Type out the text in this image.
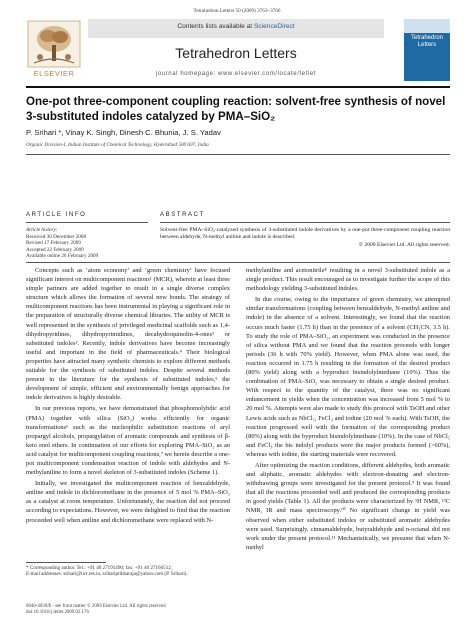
Tetrahedron Letters 50 (2009) 3763–3766
ELSEVIER
Contents lists available at ScienceDirect
Tetrahedron Letters
journal homepage: www.elsevier.com/locate/tetlet
Tetrahedron Letters
One-pot three-component coupling reaction: solvent-free synthesis of novel 3-substituted indoles catalyzed by PMA–SiO₂
P. Srihari *, Vinay K. Singh, Dinesh C. Bhunia, J. S. Yadav
Organic Division-I, Indian Institute of Chemical Technology, Hyderabad 500 607, India
ARTICLE INFO	ABSTRACT
Article history:
Received 30 December 2008
Revised 17 February 2009
Accepted 22 February 2009
Available online 26 February 2009
Solvent-free PMA–SiO₂-catalyzed synthesis of 3-substituted indole derivatives by a one-pot three-component coupling reaction between aldehyde, N-methyl aniline and indole is described.
© 2009 Elsevier Ltd. All rights reserved.

Concepts such as ‘atom economy’ and ‘green chemistry’ have focused significant interest on multicomponent reactions¹ (MCR), wherein at least three simple partners are added together to result in a single diverse complex structure which allows the formation of several new bonds. The strategy of multicomponent reactions has been instrumental in playing a significant role in the preparation of structurally diverse chemical libraries. The utility of MCR is well represented in the synthesis of privileged medicinal scaffolds such as 1,4-dihydropyridines, dihydropyrimidines, decahydroquinolin-4-ones² or substituted indoles³. Recently, indole derivatives have become increasingly useful and important in the field of pharmaceuticals.⁴ Their biological properties have attracted many synthetic chemists to explore different methods suitable for the synthesis of substituted indoles. Despite several methods present in the literature for the synthesis of substituted indoles,⁵ the development of simple, efficient and environmentally benign approaches for indole derivatives is highly desirable.

In our previous reports, we have demonstrated that phosphomolybdic acid (PMA) together with silica (SiO₂) works efficiently for organic transformations⁶ such as the nucleophilic substitution reactions of aryl propargyl alcohols, propargylation of aromatic compounds and synthesis of β-keto enol ethers. In continuation of our efforts for exploring PMA–SiO₂ as an acid catalyst for multicomponent coupling reactions,⁷ we herein describe a one-pot multicomponent condensation reaction of indole with aldehydes and N-methylaniline to form a novel skeleton of 3-substituted indoles (Scheme 1).

Initially, we investigated the multicomponent reaction of benzaldehyde, aniline and indole in dichloromethane in the presence of 5 mol % PMA–SiO₂ as a catalyst at room temperature. Unfortunately, the reaction did not proceed according to expectations. However, we were delighted to find that the reaction proceeded well when aniline and dichloromethane were replaced with N-

methylaniline and acetonitrile⁸ resulting in a novel 3-substituted indole as a single product. This result encouraged us to investigate further the scope of this methodology yielding 3-substituted indoles.

In due course, owing to the importance of green chemistry, we attempted similar transformations (coupling between benzaldehyde, N-methyl aniline and indole) in the absence of a solvent. Interestingly, we found that the reaction occurs much faster (1.75 h) than in the presence of a solvent (CH₃CN, 3.5 h). To study the role of PMA–SiO₂, an experiment was conducted in the presence of silica without PMA and we found that the reaction proceeds with longer periods (36 h with 70% yield). However, when PMA alone was used, the reaction occurred in 1.75 h resulting in the formation of the desired product (80% yield) along with a byproduct bisindolylmethane (10%). Thus the combination of PMA–SiO₂ was necessary to obtain a single desired product. With respect to the quantity of the catalyst, there was no significant enhancement in yields when the concentration was increased from 5 mol % to 20 mol %. Attempts were also made to study this protocol with TsOH and other Lewis acids such as NbCl₅, FeCl₃ and iodine (20 mol % each). With TsOH, the reaction progressed well with the formation of the corresponding product (80%) along with the byproduct bisindolylmethane (10%). In the case of NbCl₅ and FeCl₃ the bis indolyl products were the major products formed (>60%), whereas with iodine, the starting materials were recovered.

After optimizing the reaction conditions, different aldehydes, both aromatic and aliphatic, aromatic aldehydes with electron-donating and electron-withdrawing groups were investigated for the present protocol.⁹ It was found that all the reactions proceeded well and produced the corresponding products in good yields (Table 1). All the products were characterized by ¹H NMR, ¹³C NMR, IR and mass spectroscopy.¹⁰ No significant change in yield was observed when either substituted indoles or substituted aromatic aldehydes were used. Surprisingly, cinnamaldehyde, butyraldehyde and n-octanal did not work under the present protocol.¹¹ Mechanistically, we presume that when N-methyl

* Corresponding author. Tel.: +91 40 27191490; fax: +91 40 27160512.
E-mail addresses: srihari@iict.res.in, srihariptibbaraja@yahoo.com (P. Srihari).
0040-4039/$ - see front matter © 2009 Elsevier Ltd. All rights reserved.
doi:10.1016/j.tetlet.2009.02.176
